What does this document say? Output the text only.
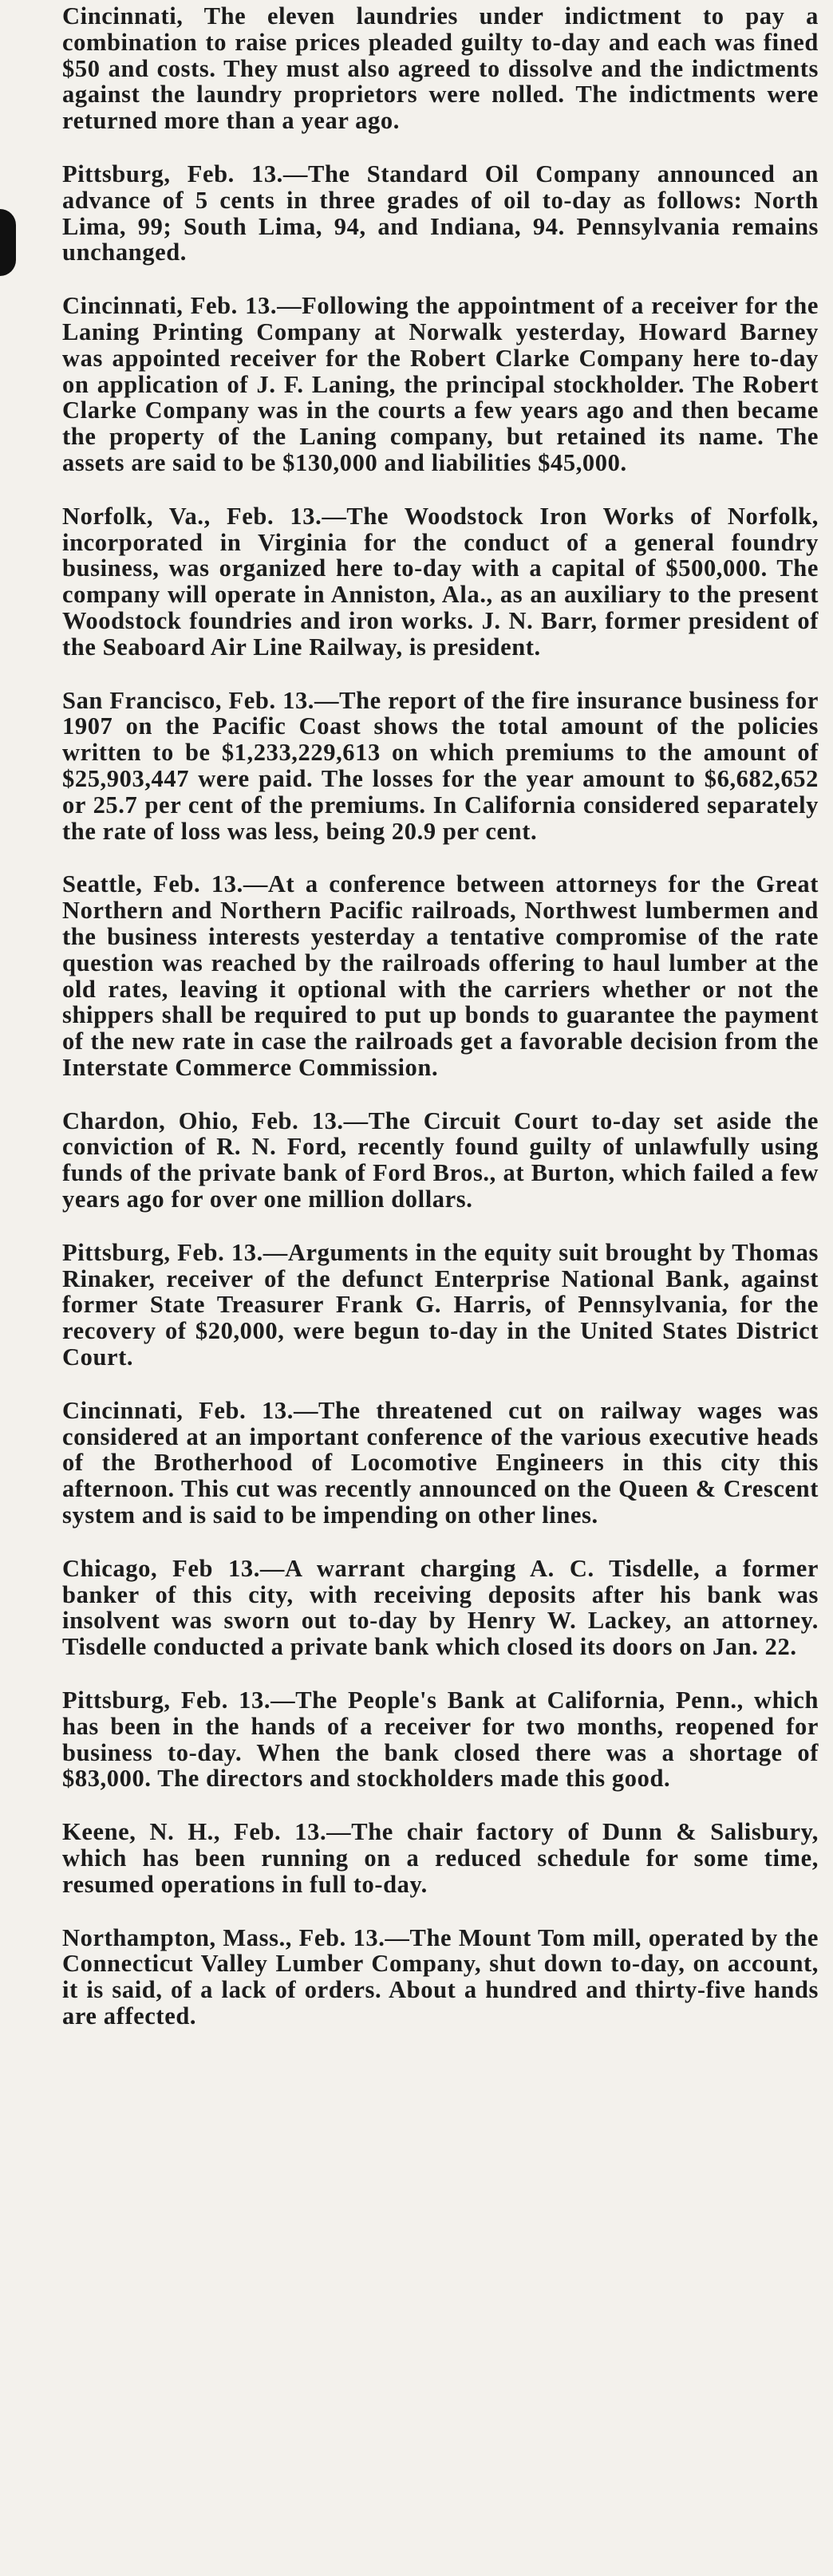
Cincinnati, The eleven laundries under indictment to pay a combination to raise prices pleaded guilty to-day and each was fined $50 and costs. They must also agreed to dissolve and the indictments against the laundry proprietors were nolled. The indictments were returned more than a year ago.

Pittsburg, Feb. 13.—The Standard Oil Company announced an advance of 5 cents in three grades of oil to-day as follows: North Lima, 99; South Lima, 94, and Indiana, 94. Pennsylvania remains unchanged.

Cincinnati, Feb. 13.—Following the appointment of a receiver for the Laning Printing Company at Norwalk yesterday, Howard Barney was appointed receiver for the Robert Clarke Company here to-day on application of J. F. Laning, the principal stockholder. The Robert Clarke Company was in the courts a few years ago and then became the property of the Laning company, but retained its name. The assets are said to be $130,000 and liabilities $45,000.

Norfolk, Va., Feb. 13.—The Woodstock Iron Works of Norfolk, incorporated in Virginia for the conduct of a general foundry business, was organized here to-day with a capital of $500,000. The company will operate in Anniston, Ala., as an auxiliary to the present Woodstock foundries and iron works. J. N. Barr, former president of the Seaboard Air Line Railway, is president.

San Francisco, Feb. 13.—The report of the fire insurance business for 1907 on the Pacific Coast shows the total amount of the policies written to be $1,233,229,613 on which premiums to the amount of $25,903,447 were paid. The losses for the year amount to $6,682,652 or 25.7 per cent of the premiums. In California considered separately the rate of loss was less, being 20.9 per cent.

Seattle, Feb. 13.—At a conference between attorneys for the Great Northern and Northern Pacific railroads, Northwest lumbermen and the business interests yesterday a tentative compromise of the rate question was reached by the railroads offering to haul lumber at the old rates, leaving it optional with the carriers whether or not the shippers shall be required to put up bonds to guarantee the payment of the new rate in case the railroads get a favorable decision from the Interstate Commerce Commission.

Chardon, Ohio, Feb. 13.—The Circuit Court to-day set aside the conviction of R. N. Ford, recently found guilty of unlawfully using funds of the private bank of Ford Bros., at Burton, which failed a few years ago for over one million dollars.

Pittsburg, Feb. 13.—Arguments in the equity suit brought by Thomas Rinaker, receiver of the defunct Enterprise National Bank, against former State Treasurer Frank G. Harris, of Pennsylvania, for the recovery of $20,000, were begun to-day in the United States District Court.

Cincinnati, Feb. 13.—The threatened cut on railway wages was considered at an important conference of the various executive heads of the Brotherhood of Locomotive Engineers in this city this afternoon. This cut was recently announced on the Queen & Crescent system and is said to be impending on other lines.

Chicago, Feb 13.—A warrant charging A. C. Tisdelle, a former banker of this city, with receiving deposits after his bank was insolvent was sworn out to-day by Henry W. Lackey, an attorney. Tisdelle conducted a private bank which closed its doors on Jan. 22.

Pittsburg, Feb. 13.—The People's Bank at California, Penn., which has been in the hands of a receiver for two months, reopened for business to-day. When the bank closed there was a shortage of $83,000. The directors and stockholders made this good.

Keene, N. H., Feb. 13.—The chair factory of Dunn & Salisbury, which has been running on a reduced schedule for some time, resumed operations in full to-day.

Northampton, Mass., Feb. 13.—The Mount Tom mill, operated by the Connecticut Valley Lumber Company, shut down to-day, on account, it is said, of a lack of orders. About a hundred and thirty-five hands are affected.
